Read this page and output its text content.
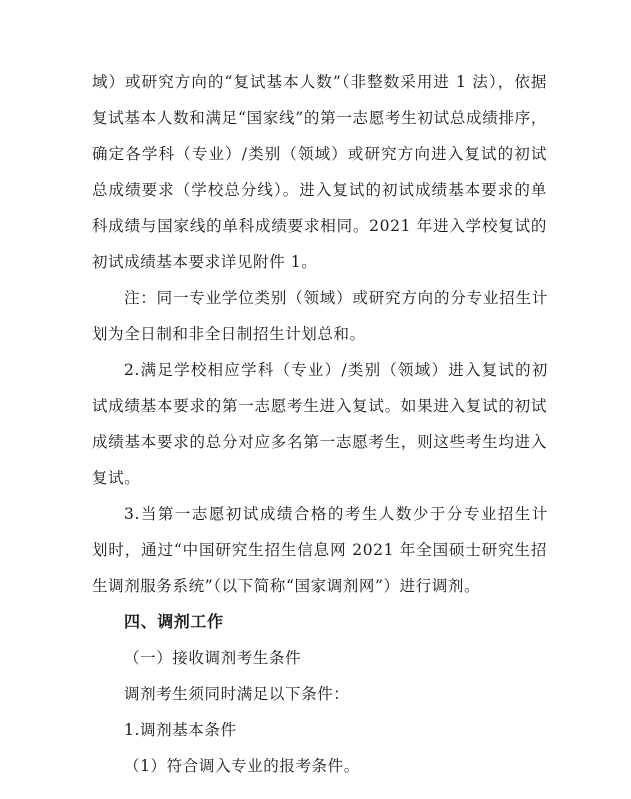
域）或研究方向的“复试基本人数”（非整数采用进 1 法），依据
复试基本人数和满足“国家线”的第一志愿考生初试总成绩排序，
确定各学科（专业）/类别（领域）或研究方向进入复试的初试
总成绩要求（学校总分线）。进入复试的初试成绩基本要求的单
科成绩与国家线的单科成绩要求相同。2021 年进入学校复试的
初试成绩基本要求详见附件 1。
注：同一专业学位类别（领域）或研究方向的分专业招生计
划为全日制和非全日制招生计划总和。
2.满足学校相应学科（专业）/类别（领域）进入复试的初
试成绩基本要求的第一志愿考生进入复试。如果进入复试的初试
成绩基本要求的总分对应多名第一志愿考生，则这些考生均进入
复试。
3.当第一志愿初试成绩合格的考生人数少于分专业招生计
划时，通过“中国研究生招生信息网 2021 年全国硕士研究生招
生调剂服务系统”（以下简称“国家调剂网”）进行调剂。
四、调剂工作
（一）接收调剂考生条件
调剂考生须同时满足以下条件：
1.调剂基本条件
（1）符合调入专业的报考条件。
